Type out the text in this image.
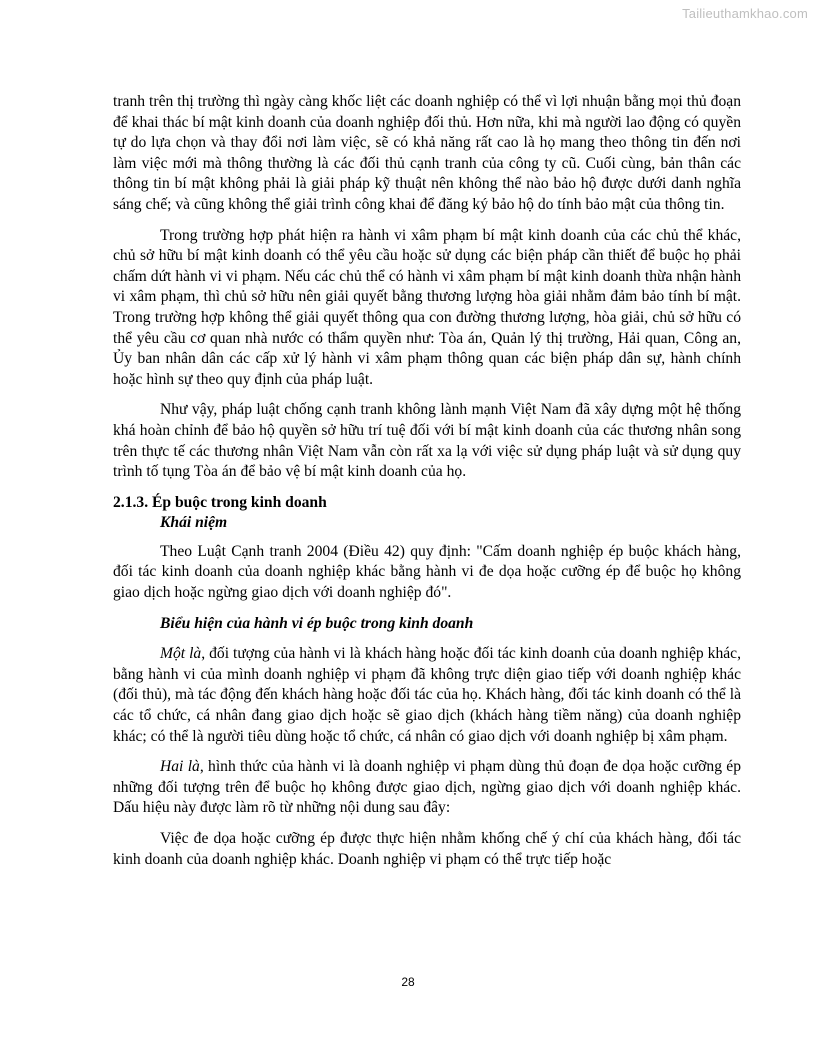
Tailieuthamkhao.com

tranh trên thị trường thì ngày càng khốc liệt các doanh nghiệp có thể vì lợi nhuận bằng mọi thủ đoạn để khai thác bí mật kinh doanh của doanh nghiệp đối thủ. Hơn nữa, khi mà người lao động có quyền tự do lựa chọn và thay đổi nơi làm việc, sẽ có khả năng rất cao là họ mang theo thông tin đến nơi làm việc mới mà thông thường là các đối thủ cạnh tranh của công ty cũ. Cuối cùng, bản thân các thông tin bí mật không phải là giải pháp kỹ thuật nên không thể nào bảo hộ được dưới danh nghĩa sáng chế; và cũng không thể giải trình công khai để đăng ký bảo hộ do tính bảo mật của thông tin.

Trong trường hợp phát hiện ra hành vi xâm phạm bí mật kinh doanh của các chủ thể khác, chủ sở hữu bí mật kinh doanh có thể yêu cầu hoặc sử dụng các biện pháp cần thiết để buộc họ phải chấm dứt hành vi vi phạm. Nếu các chủ thể có hành vi xâm phạm bí mật kinh doanh thừa nhận hành vi xâm phạm, thì chủ sở hữu nên giải quyết bằng thương lượng hòa giải nhằm đảm bảo tính bí mật. Trong trường hợp không thể giải quyết thông qua con đường thương lượng, hòa giải, chủ sở hữu có thể yêu cầu cơ quan nhà nước có thẩm quyền như: Tòa án, Quản lý thị trường, Hải quan, Công an, Ủy ban nhân dân các cấp xử lý hành vi xâm phạm thông quan các biện pháp dân sự, hành chính hoặc hình sự theo quy định của pháp luật.

Như vậy, pháp luật chống cạnh tranh không lành mạnh Việt Nam đã xây dựng một hệ thống khá hoàn chỉnh để bảo hộ quyền sở hữu trí tuệ đối với bí mật kinh doanh của các thương nhân song trên thực tế các thương nhân Việt Nam vẫn còn rất xa lạ với việc sử dụng pháp luật và sử dụng quy trình tố tụng Tòa án để bảo vệ bí mật kinh doanh của họ.

2.1.3. Ép buộc trong kinh doanh
Khái niệm

Theo Luật Cạnh tranh 2004 (Điều 42) quy định: "Cấm doanh nghiệp ép buộc khách hàng, đối tác kinh doanh của doanh nghiệp khác bằng hành vi đe dọa hoặc cưỡng ép để buộc họ không giao dịch hoặc ngừng giao dịch với doanh nghiệp đó".

Biểu hiện của hành vi ép buộc trong kinh doanh

Một là, đối tượng của hành vi là khách hàng hoặc đối tác kinh doanh của doanh nghiệp khác, bằng hành vi của mình doanh nghiệp vi phạm đã không trực diện giao tiếp với doanh nghiệp khác (đối thủ), mà tác động đến khách hàng hoặc đối tác của họ. Khách hàng, đối tác kinh doanh có thể là các tổ chức, cá nhân đang giao dịch hoặc sẽ giao dịch (khách hàng tiềm năng) của doanh nghiệp khác; có thể là người tiêu dùng hoặc tổ chức, cá nhân có giao dịch với doanh nghiệp bị xâm phạm.

Hai là, hình thức của hành vi là doanh nghiệp vi phạm dùng thủ đoạn đe dọa hoặc cưỡng ép những đối tượng trên để buộc họ không được giao dịch, ngừng giao dịch với doanh nghiệp khác. Dấu hiệu này được làm rõ từ những nội dung sau đây:

Việc đe dọa hoặc cưỡng ép được thực hiện nhằm khống chế ý chí của khách hàng, đối tác kinh doanh của doanh nghiệp khác. Doanh nghiệp vi phạm có thể trực tiếp hoặc

28
